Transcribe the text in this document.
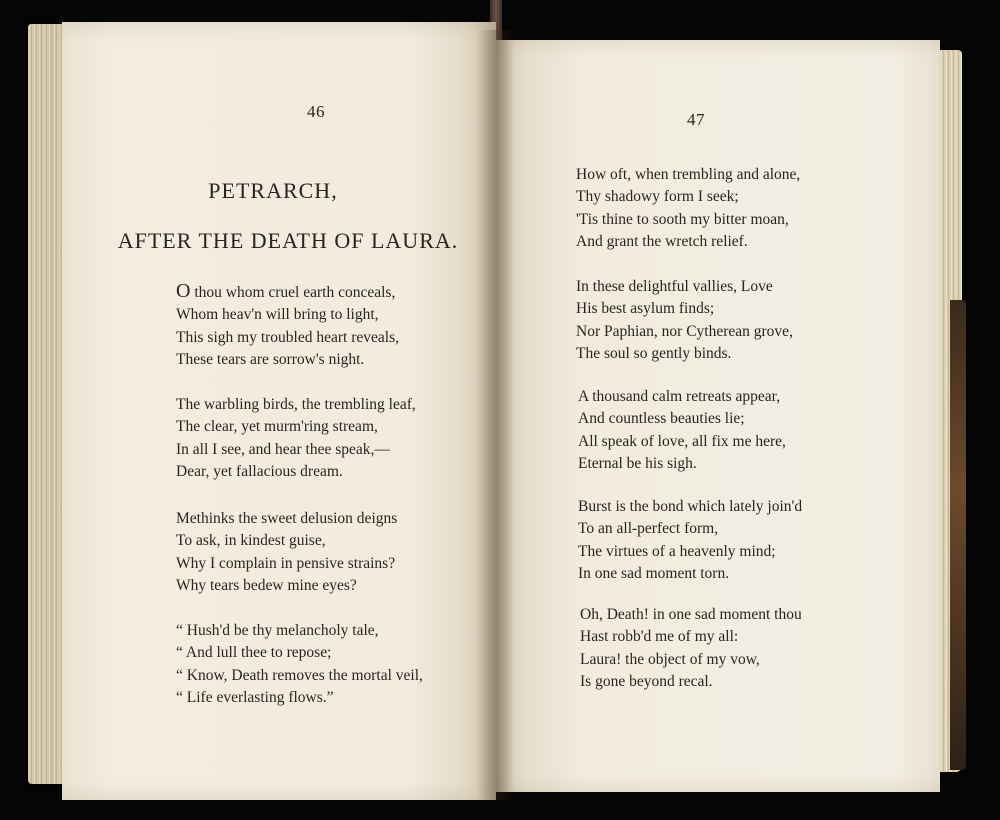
46
PETRARCH,
AFTER THE DEATH OF LAURA.
O thou whom cruel earth conceals,
Whom heav'n will bring to light,
This sigh my troubled heart reveals,
These tears are sorrow's night.
The warbling birds, the trembling leaf,
The clear, yet murm'ring stream,
In all I see, and hear thee speak,—
Dear, yet fallacious dream.
Methinks the sweet delusion deigns
To ask, in kindest guise,
Why I complain in pensive strains?
Why tears bedew mine eyes?
“ Hush'd be thy melancholy tale,
“ And lull thee to repose;
“ Know, Death removes the mortal veil,
“ Life everlasting flows.”
47
How oft, when trembling and alone,
Thy shadowy form I seek;
'Tis thine to sooth my bitter moan,
And grant the wretch relief.
In these delightful vallies, Love
His best asylum finds;
Nor Paphian, nor Cytherean grove,
The soul so gently binds.
A thousand calm retreats appear,
And countless beauties lie;
All speak of love, all fix me here,
Eternal be his sigh.
Burst is the bond which lately join'd
To an all-perfect form,
The virtues of a heavenly mind;
In one sad moment torn.
Oh, Death! in one sad moment thou
Hast robb'd me of my all:
Laura! the object of my vow,
Is gone beyond recal.
